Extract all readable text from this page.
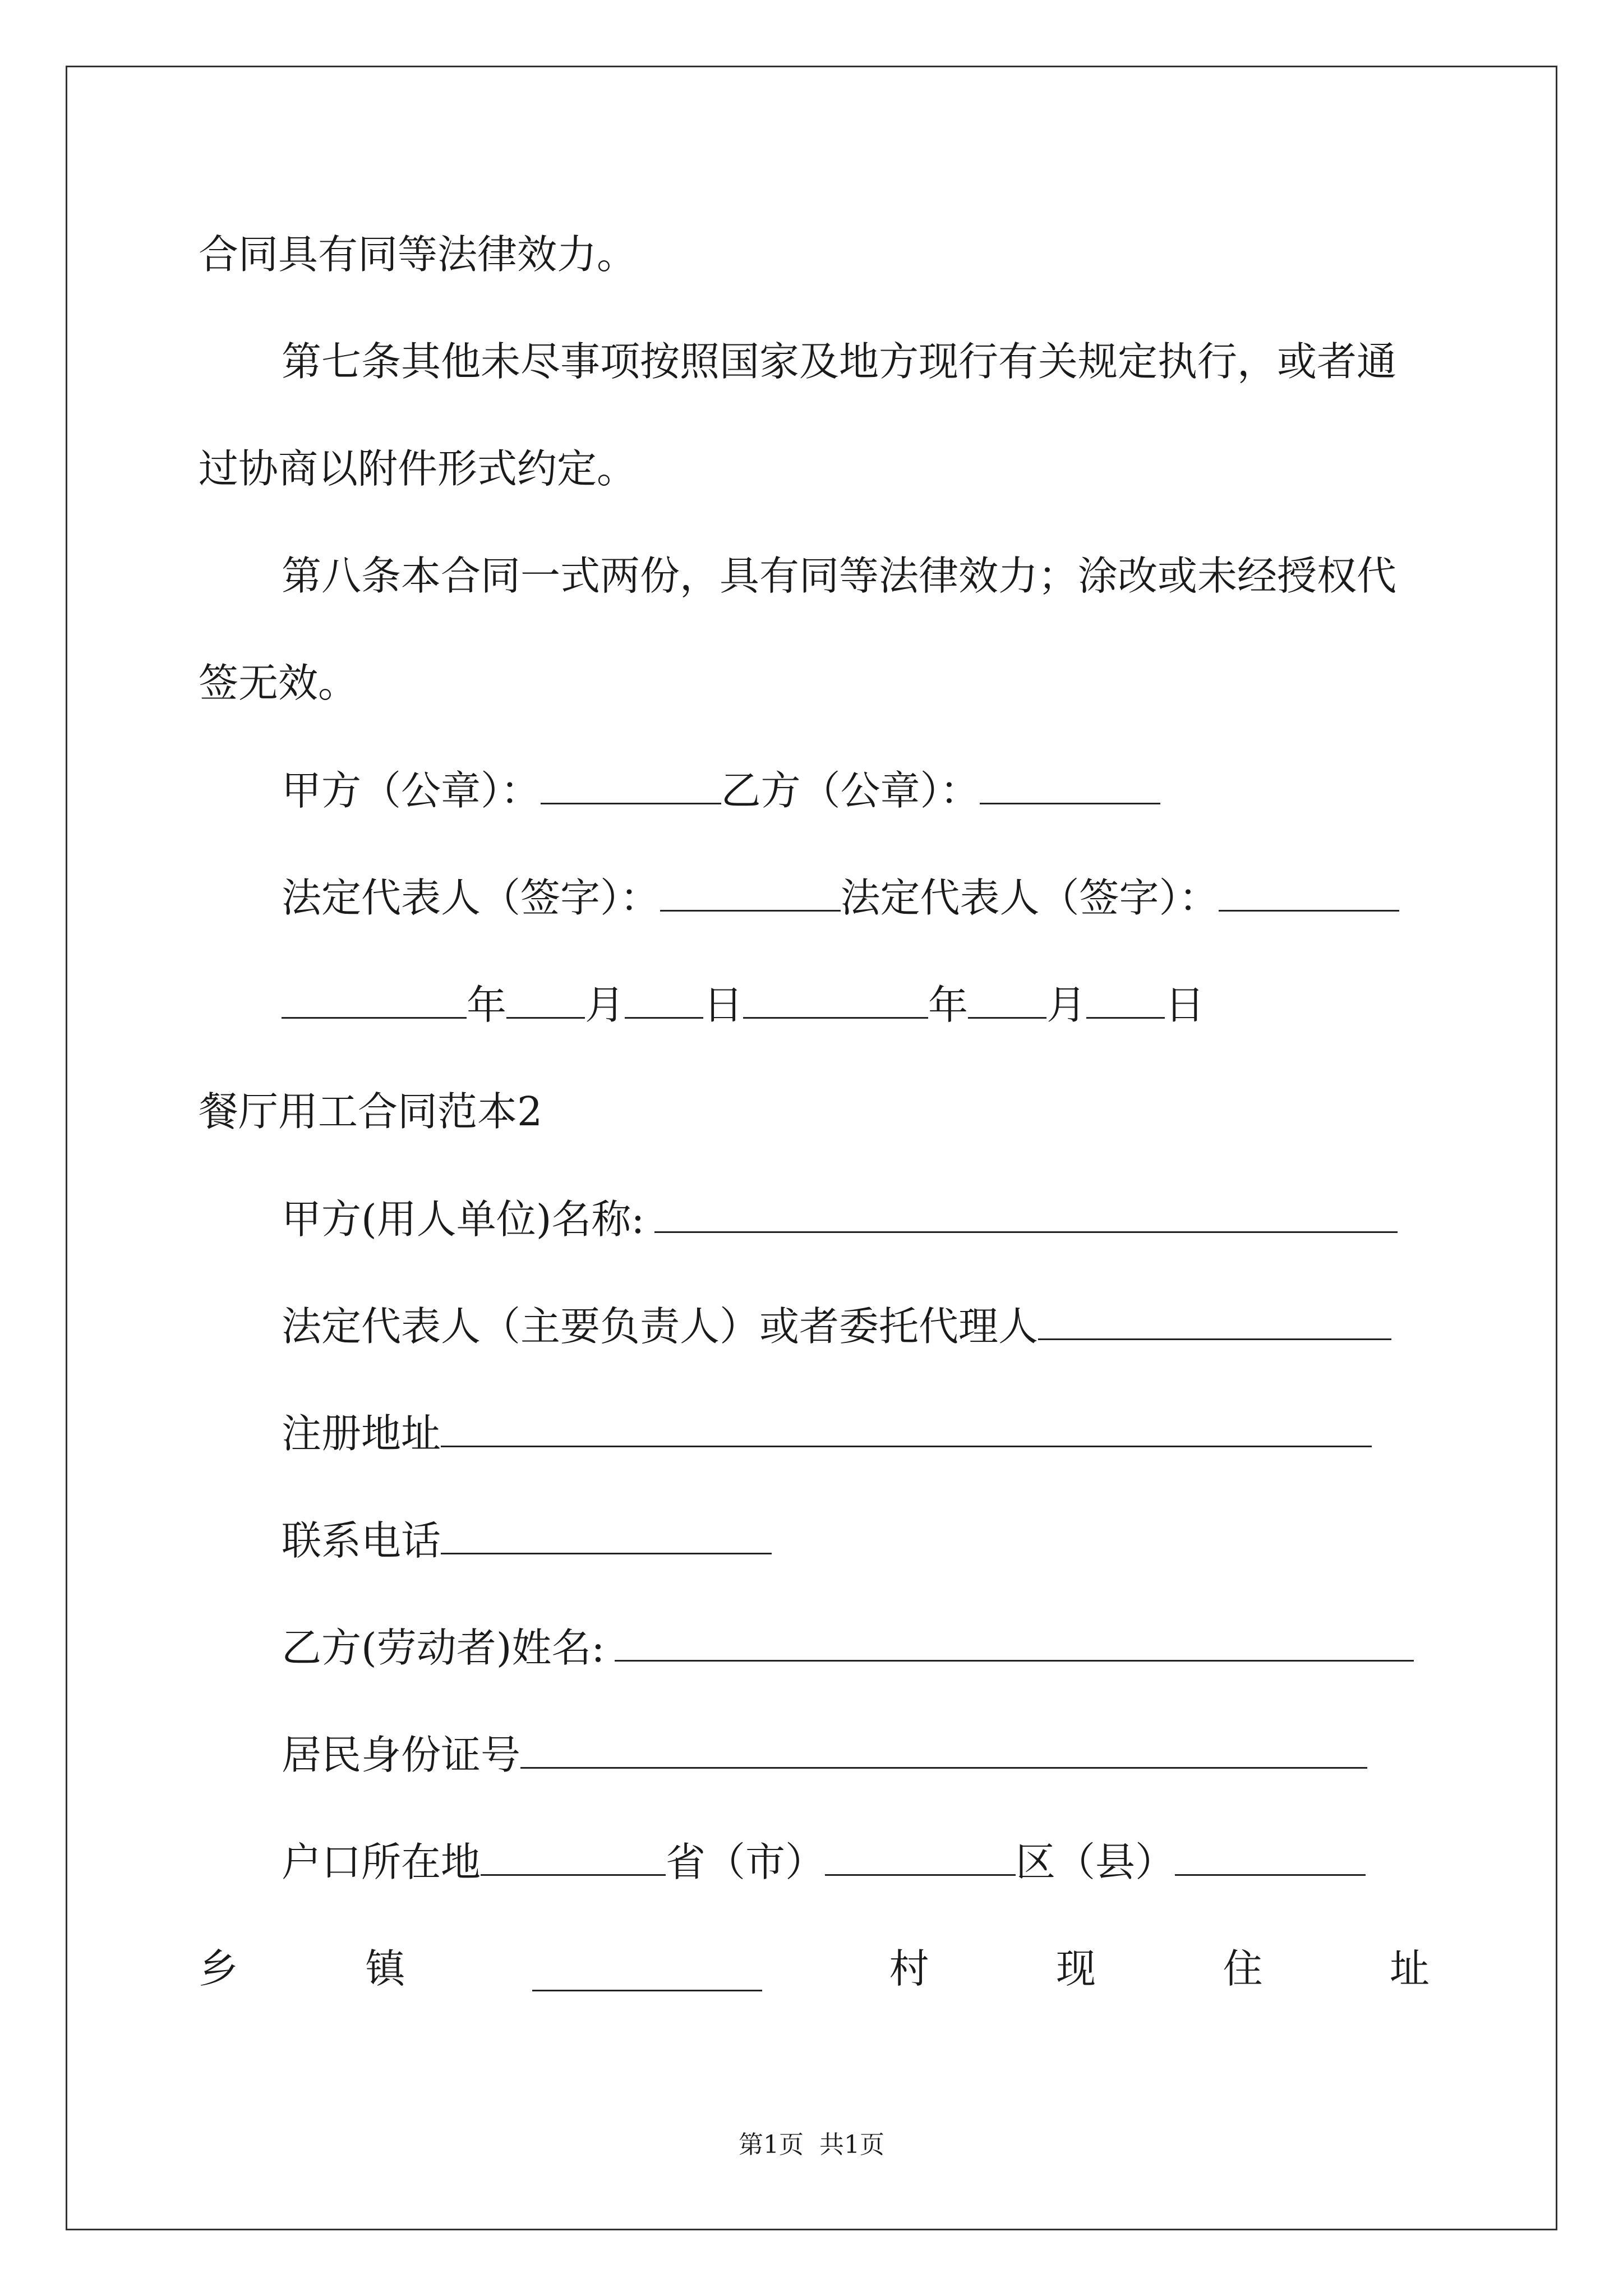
合同具有同等法律效力。
第七条其他未尽事项按照国家及地方现行有关规定执行，或者通
过协商以附件形式约定。
第八条本合同一式两份，具有同等法律效力；涂改或未经授权代
签无效。
甲方（公章）：	乙方（公章）：
法定代表人（签字）：	法定代表人（签字）：
年 月 日	年 月 日
餐厅用工合同范本2
甲方(用人单位)名称:
法定代表人（主要负责人）或者委托代理人
注册地址
联系电话
乙方(劳动者)姓名:
居民身份证号
户口所在地	省（市）	区（县）
乡	镇	村	现	住	址
第1页 共1页
